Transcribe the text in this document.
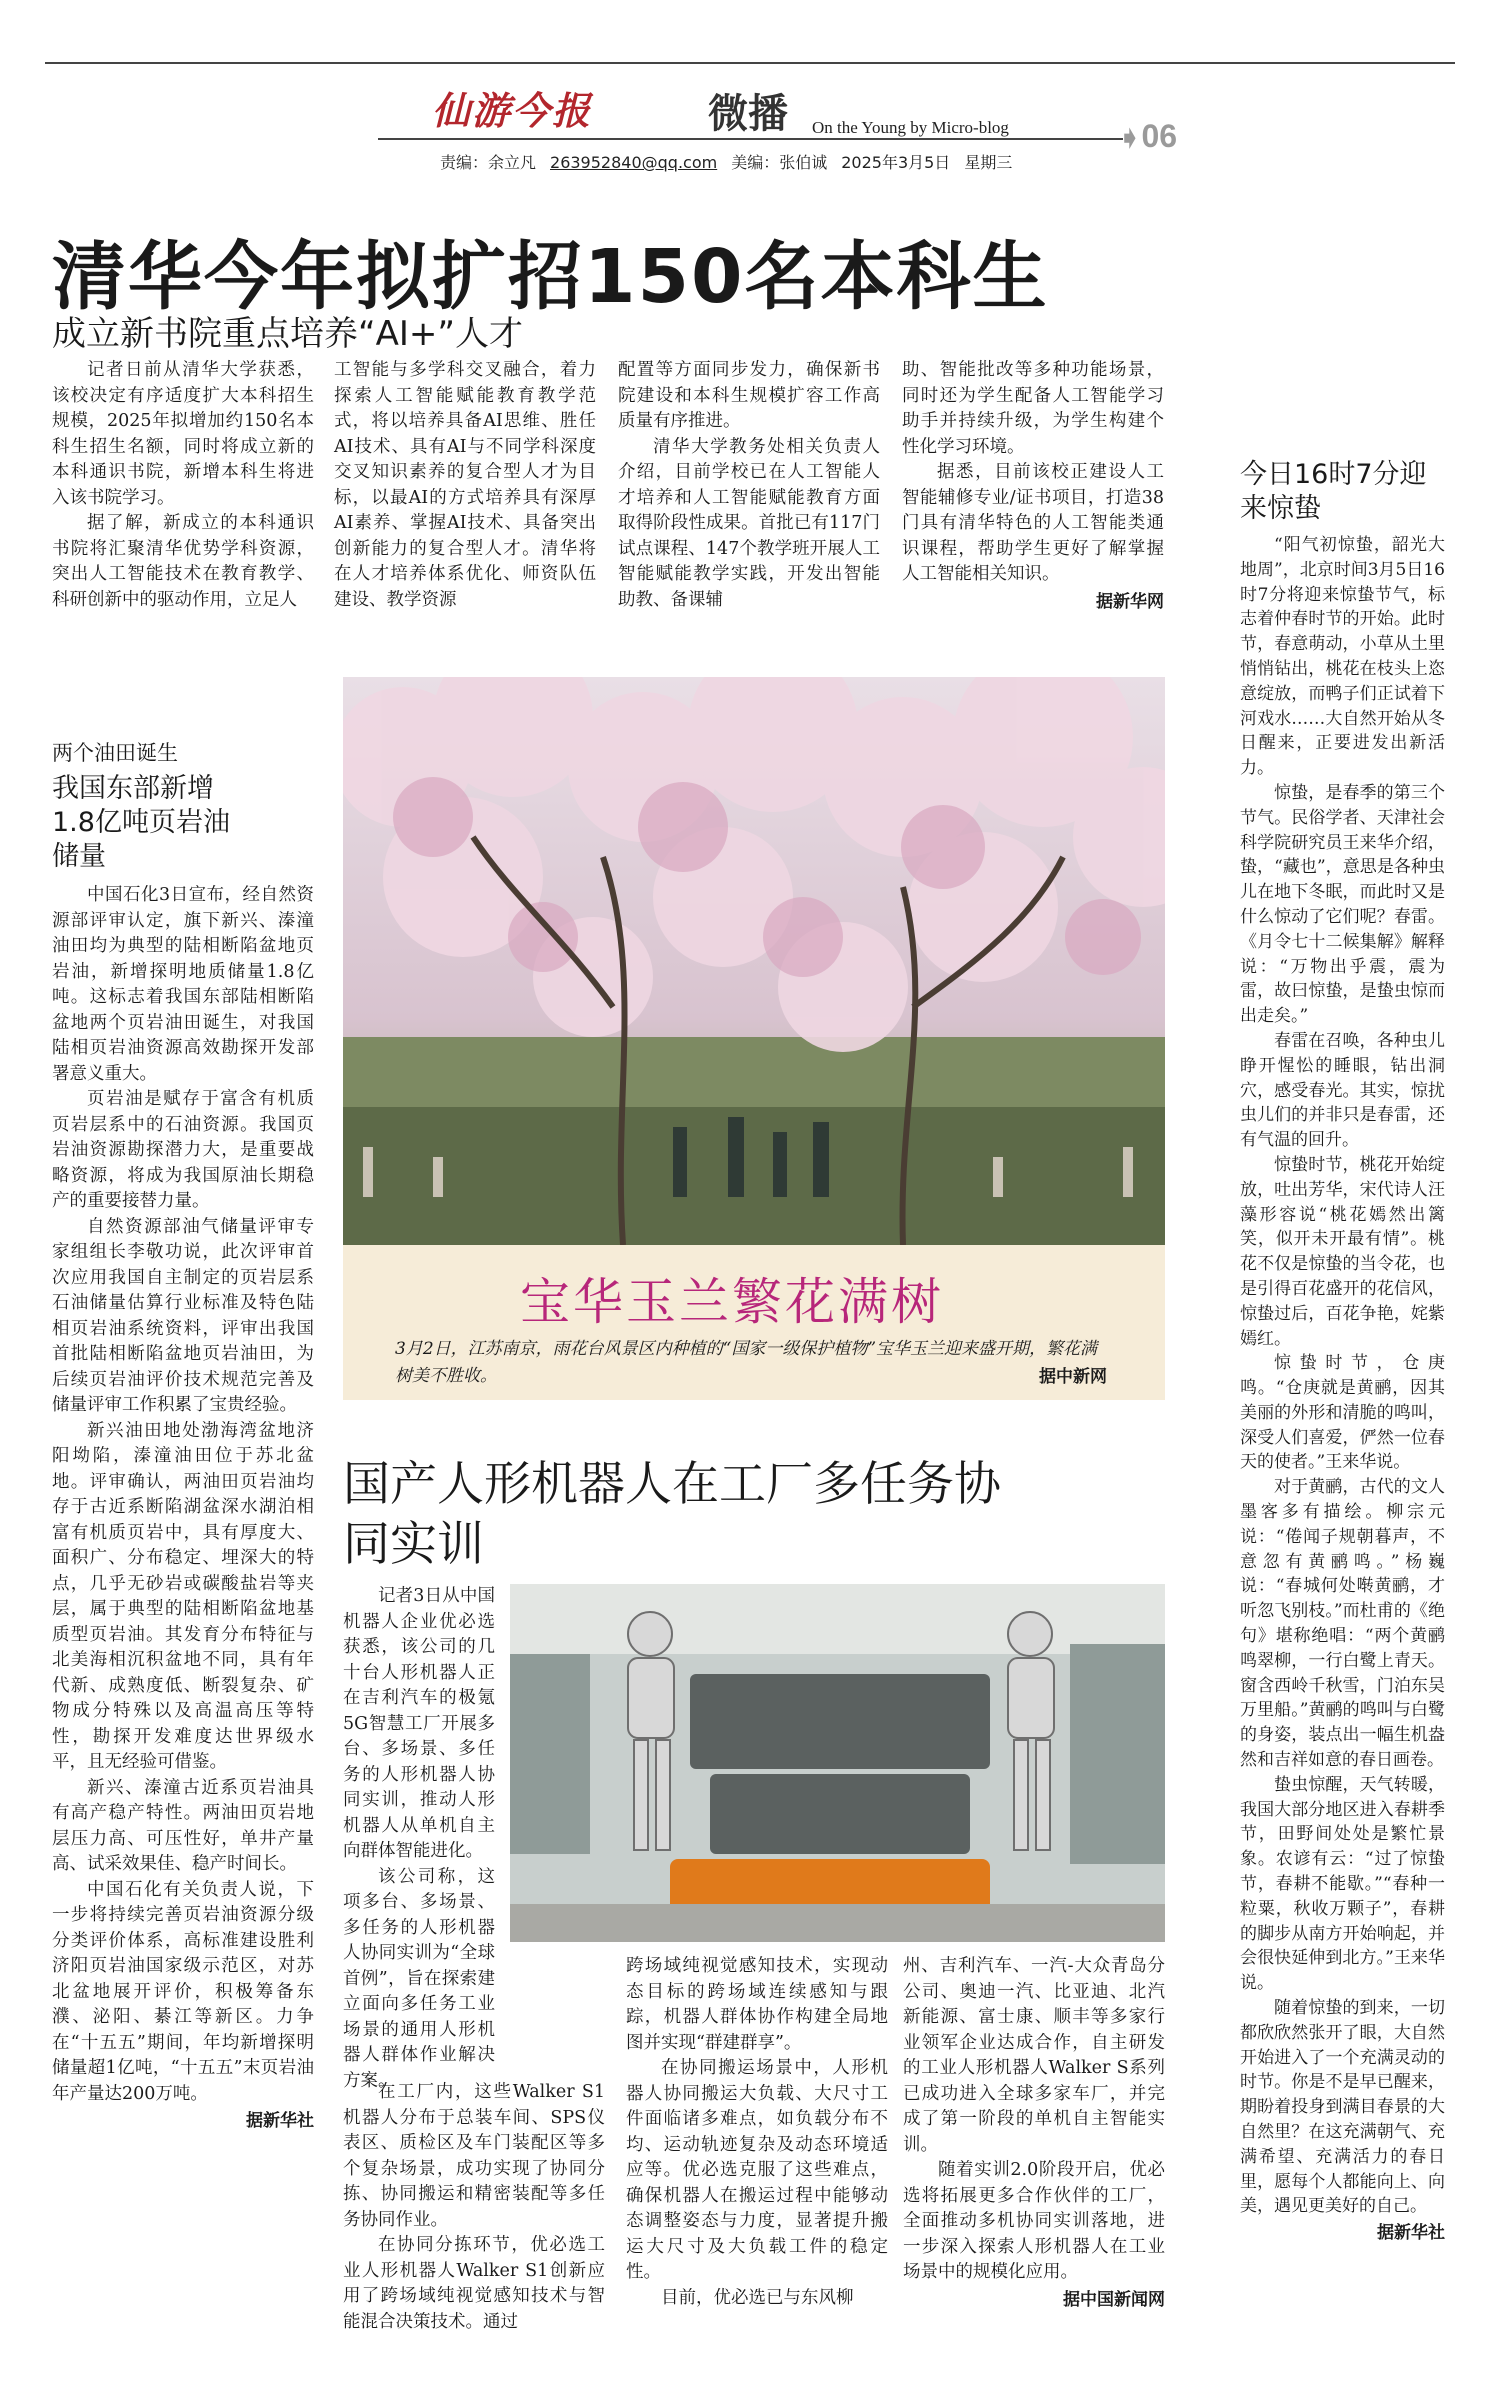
仙游今报	微播 On the Young by Micro-blog	➧06
责编：余立凡 263952840@qq.com 美编：张伯诚 2025年3月5日 星期三
清华今年拟扩招150名本科生
成立新书院重点培养“AI+”人才

记者日前从清华大学获悉，该校决定有序适度扩大本科招生规模，2025年拟增加约150名本科生招生名额，同时将成立新的本科通识书院，新增本科生将进入该书院学习。

据了解，新成立的本科通识书院将汇聚清华优势学科资源，突出人工智能技术在教育教学、科研创新中的驱动作用，立足人

工智能与多学科交叉融合，着力探索人工智能赋能教育教学范式，将以培养具备AI思维、胜任AI技术、具有AI与不同学科深度交叉知识素养的复合型人才为目标，以最AI的方式培养具有深厚AI素养、掌握AI技术、具备突出创新能力的复合型人才。清华将在人才培养体系优化、师资队伍建设、教学资源

配置等方面同步发力，确保新书院建设和本科生规模扩容工作高质量有序推进。

清华大学教务处相关负责人介绍，目前学校已在人工智能人才培养和人工智能赋能教育方面取得阶段性成果。首批已有117门试点课程、147个教学班开展人工智能赋能教学实践，开发出智能助教、备课辅

助、智能批改等多种功能场景，同时还为学生配备人工智能学习助手并持续升级，为学生构建个性化学习环境。

据悉，目前该校正建设人工智能辅修专业/证书项目，打造38门具有清华特色的人工智能类通识课程，帮助学生更好了解掌握人工智能相关知识。

据新华网
两个油田诞生
我国东部新增1.8亿吨页岩油储量

中国石化3日宣布，经自然资源部评审认定，旗下新兴、溱潼油田均为典型的陆相断陷盆地页岩油，新增探明地质储量1.8亿吨。这标志着我国东部陆相断陷盆地两个页岩油田诞生，对我国陆相页岩油资源高效勘探开发部署意义重大。

页岩油是赋存于富含有机质页岩层系中的石油资源。我国页岩油资源勘探潜力大，是重要战略资源，将成为我国原油长期稳产的重要接替力量。

自然资源部油气储量评审专家组组长李敬功说，此次评审首次应用我国自主制定的页岩层系石油储量估算行业标准及特色陆相页岩油系统资料，评审出我国首批陆相断陷盆地页岩油田，为后续页岩油评价技术规范完善及储量评审工作积累了宝贵经验。

新兴油田地处渤海湾盆地济阳坳陷，溱潼油田位于苏北盆地。评审确认，两油田页岩油均存于古近系断陷湖盆深水湖泊相富有机质页岩中，具有厚度大、面积广、分布稳定、埋深大的特点，几乎无砂岩或碳酸盐岩等夹层，属于典型的陆相断陷盆地基质型页岩油。其发育分布特征与北美海相沉积盆地不同，具有年代新、成熟度低、断裂复杂、矿物成分特殊以及高温高压等特性，勘探开发难度达世界级水平，且无经验可借鉴。

新兴、溱潼古近系页岩油具有高产稳产特性。两油田页岩地层压力高、可压性好，单井产量高、试采效果佳、稳产时间长。

中国石化有关负责人说，下一步将持续完善页岩油资源分级分类评价体系，高标准建设胜利济阳页岩油国家级示范区，对苏北盆地展开评价，积极筹备东濮、泌阳、綦江等新区。力争在“十五五”期间，年均新增探明储量超1亿吨，“十五五”末页岩油年产量达200万吨。

据新华社
宝华玉兰繁花满树
3月2日，江苏南京，雨花台风景区内种植的“国家一级保护植物”宝华玉兰迎来盛开期，繁花满树美不胜收。	据中新网
国产人形机器人在工厂多任务协同实训

记者3日从中国机器人企业优必选获悉，该公司的几十台人形机器人正在吉利汽车的极氪5G智慧工厂开展多台、多场景、多任务的人形机器人协同实训，推动人形机器人从单机自主向群体智能进化。

该公司称，这项多台、多场景、多任务的人形机器人协同实训为“全球首例”，旨在探索建立面向多任务工业场景的通用人形机器人群体作业解决方案。

在工厂内，这些Walker S1机器人分布于总装车间、SPS仪表区、质检区及车门装配区等多个复杂场景，成功实现了协同分拣、协同搬运和精密装配等多任务协同作业。

在协同分拣环节，优必选工业人形机器人Walker S1创新应用了跨场域纯视觉感知技术与智能混合决策技术。通过

跨场域纯视觉感知技术，实现动态目标的跨场域连续感知与跟踪，机器人群体协作构建全局地图并实现“群建群享”。

在协同搬运场景中，人形机器人协同搬运大负载、大尺寸工件面临诸多难点，如负载分布不均、运动轨迹复杂及动态环境适应等。优必选克服了这些难点，确保机器人在搬运过程中能够动态调整姿态与力度，显著提升搬运大尺寸及大负载工件的稳定性。

目前，优必选已与东风柳

州、吉利汽车、一汽-大众青岛分公司、奥迪一汽、比亚迪、北汽新能源、富士康、顺丰等多家行业领军企业达成合作，自主研发的工业人形机器人Walker S系列已成功进入全球多家车厂，并完成了第一阶段的单机自主智能实训。

随着实训2.0阶段开启，优必选将拓展更多合作伙伴的工厂，全面推动多机协同实训落地，进一步深入探索人形机器人在工业场景中的规模化应用。

据中国新闻网
今日16时7分迎来惊蛰

“阳气初惊蛰，韶光大地周”，北京时间3月5日16时7分将迎来惊蛰节气，标志着仲春时节的开始。此时节，春意萌动，小草从土里悄悄钻出，桃花在枝头上恣意绽放，而鸭子们正试着下河戏水……大自然开始从冬日醒来，正要进发出新活力。

惊蛰，是春季的第三个节气。民俗学者、天津社会科学院研究员王来华介绍，蛰，“藏也”，意思是各种虫儿在地下冬眠，而此时又是什么惊动了它们呢？春雷。《月令七十二候集解》解释说：“万物出乎震，震为雷，故曰惊蛰，是蛰虫惊而出走矣。”

春雷在召唤，各种虫儿睁开惺忪的睡眼，钻出洞穴，感受春光。其实，惊扰虫儿们的并非只是春雷，还有气温的回升。

惊蛰时节，桃花开始绽放，吐出芳华，宋代诗人汪藻形容说“桃花嫣然出篱笑，似开未开最有情”。桃花不仅是惊蛰的当令花，也是引得百花盛开的花信风，惊蛰过后，百花争艳，姹紫嫣红。

惊蛰时节，仓庚鸣。“仓庚就是黄鹂，因其美丽的外形和清脆的鸣叫，深受人们喜爱，俨然一位春天的使者。”王来华说。

对于黄鹂，古代的文人墨客多有描绘。柳宗元说：“倦闻子规朝暮声，不意忽有黄鹂鸣。”杨巍说：“春城何处啭黄鹂，才听忽飞别枝。”而杜甫的《绝句》堪称绝唱：“两个黄鹂鸣翠柳，一行白鹭上青天。窗含西岭千秋雪，门泊东吴万里船。”黄鹂的鸣叫与白鹭的身姿，装点出一幅生机盎然和吉祥如意的春日画卷。

蛰虫惊醒，天气转暖，我国大部分地区进入春耕季节，田野间处处是繁忙景象。农谚有云：“过了惊蛰节，春耕不能歇。”“春种一粒粟，秋收万颗子”，春耕的脚步从南方开始响起，并会很快延伸到北方。”王来华说。

随着惊蛰的到来，一切都欣欣然张开了眼，大自然开始进入了一个充满灵动的时节。你是不是早已醒来，期盼着投身到满目春景的大自然里？在这充满朝气、充满希望、充满活力的春日里，愿每个人都能向上、向美，遇见更美好的自己。

据新华社
